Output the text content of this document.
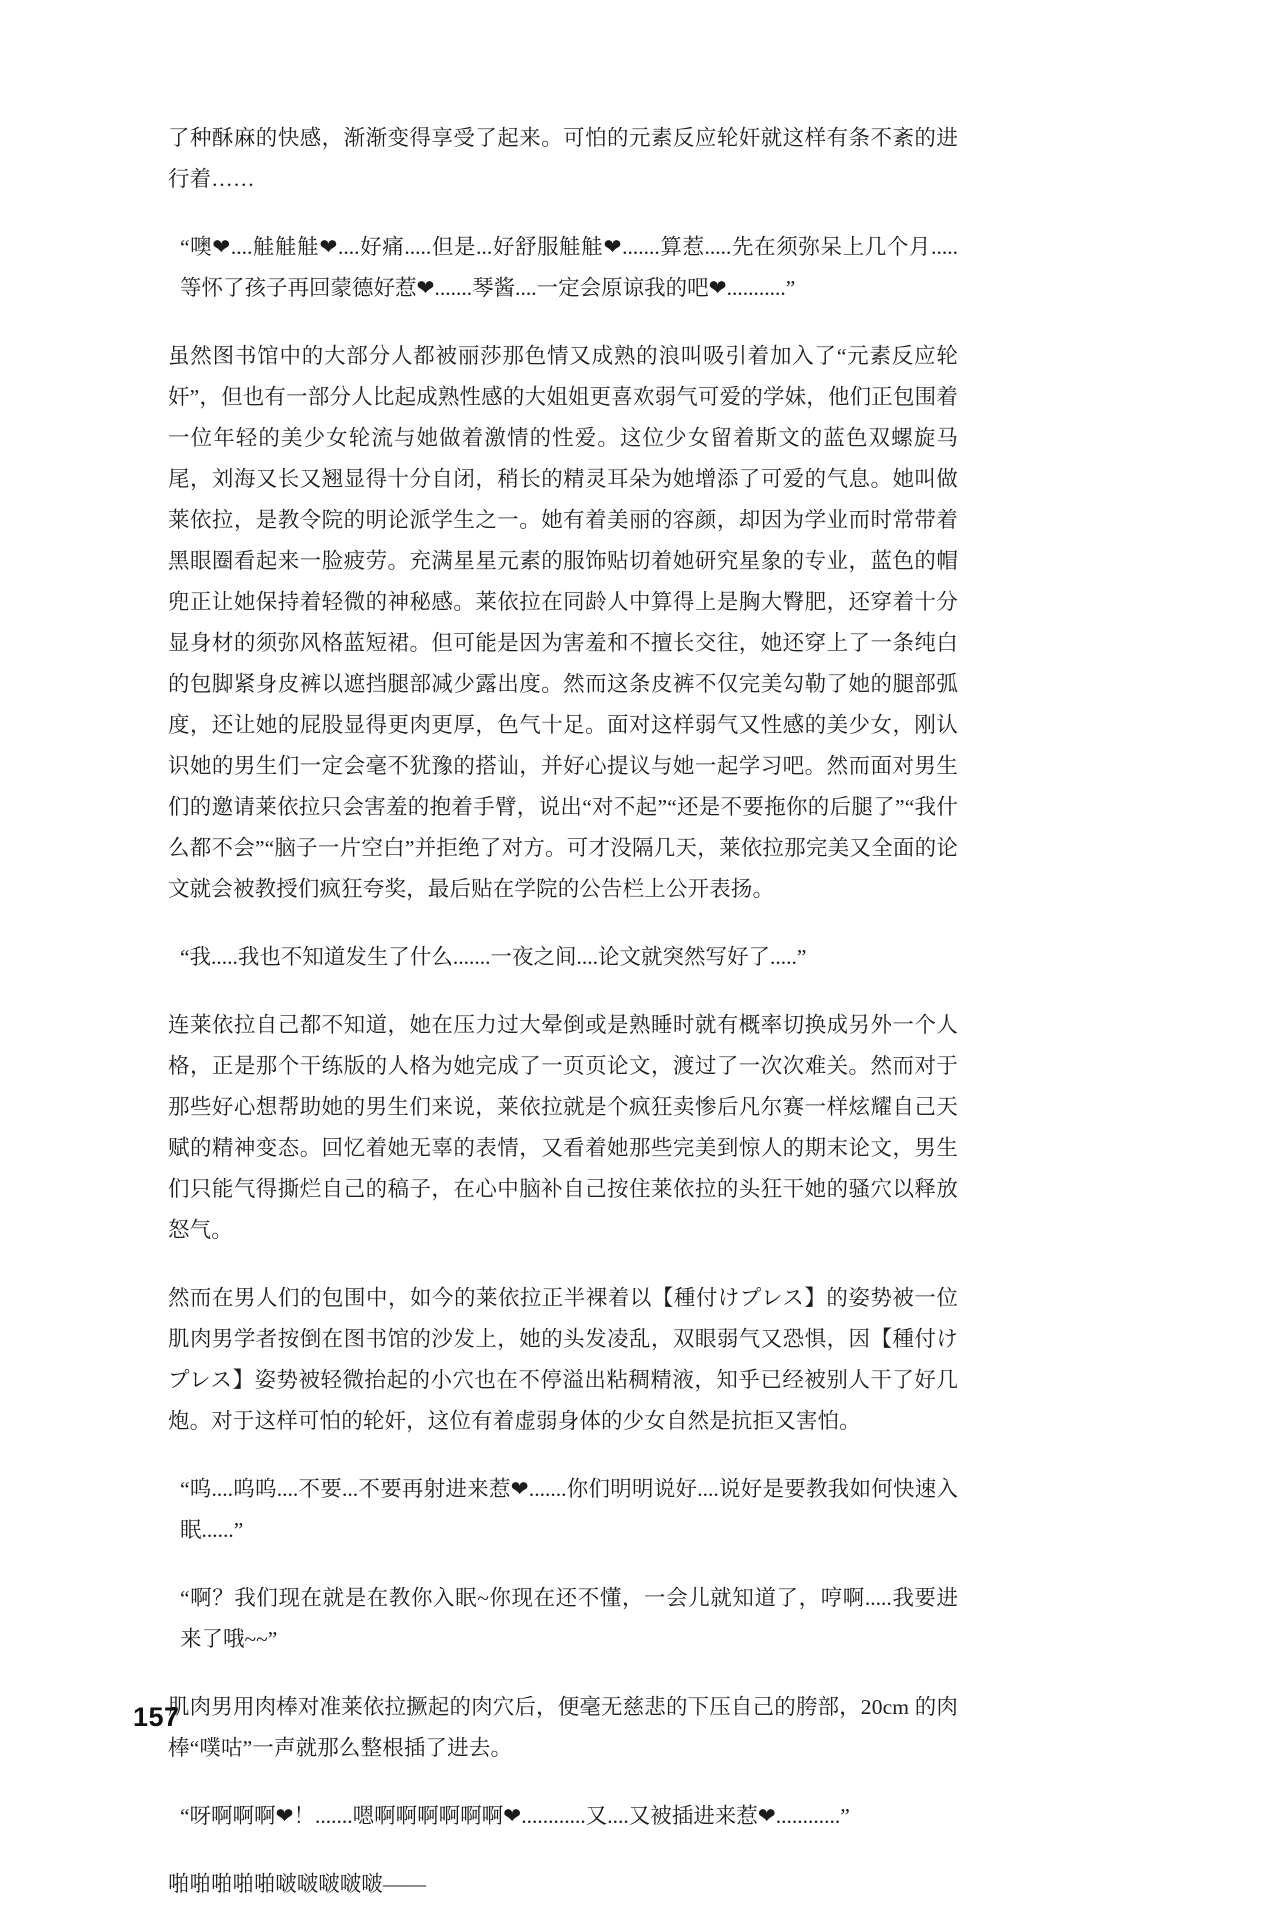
了种酥麻的快感，渐渐变得享受了起来。可怕的元素反应轮奸就这样有条不紊的进行着……

“噢❤....觟觟觟❤....好痛.....但是...好舒服觟觟❤.......算惹.....先在须弥呆上几个月.....等怀了孩子再回蒙德好惹❤.......琴酱....一定会原谅我的吧❤...........”

虽然图书馆中的大部分人都被丽莎那色情又成熟的浪叫吸引着加入了“元素反应轮奸”，但也有一部分人比起成熟性感的大姐姐更喜欢弱气可爱的学妹，他们正包围着一位年轻的美少女轮流与她做着激情的性爱。这位少女留着斯文的蓝色双螺旋马尾，刘海又长又翘显得十分自闭，稍长的精灵耳朵为她增添了可爱的气息。她叫做莱依拉，是教令院的明论派学生之一。她有着美丽的容颜，却因为学业而时常带着黑眼圈看起来一脸疲劳。充满星星元素的服饰贴切着她研究星象的专业，蓝色的帽兜正让她保持着轻微的神秘感。莱依拉在同龄人中算得上是胸大臀肥，还穿着十分显身材的须弥风格蓝短裙。但可能是因为害羞和不擅长交往，她还穿上了一条纯白的包脚紧身皮裤以遮挡腿部减少露出度。然而这条皮裤不仅完美勾勒了她的腿部弧度，还让她的屁股显得更肉更厚，色气十足。面对这样弱气又性感的美少女，刚认识她的男生们一定会毫不犹豫的搭讪，并好心提议与她一起学习吧。然而面对男生们的邀请莱依拉只会害羞的抱着手臂，说出“对不起”“还是不要拖你的后腿了”“我什么都不会”“脑子一片空白”并拒绝了对方。可才没隔几天，莱依拉那完美又全面的论文就会被教授们疯狂夸奖，最后贴在学院的公告栏上公开表扬。

“我.....我也不知道发生了什么.......一夜之间....论文就突然写好了.....”

连莱依拉自己都不知道，她在压力过大晕倒或是熟睡时就有概率切换成另外一个人格，正是那个干练版的人格为她完成了一页页论文，渡过了一次次难关。然而对于那些好心想帮助她的男生们来说，莱依拉就是个疯狂卖惨后凡尔赛一样炫耀自己天赋的精神变态。回忆着她无辜的表情，又看着她那些完美到惊人的期末论文，男生们只能气得撕烂自己的稿子，在心中脑补自己按住莱依拉的头狂干她的骚穴以释放怒气。

然而在男人们的包围中，如今的莱依拉正半裸着以【種付けプレス】的姿势被一位肌肉男学者按倒在图书馆的沙发上，她的头发凌乱，双眼弱气又恐惧，因【種付けプレス】姿势被轻微抬起的小穴也在不停溢出粘稠精液，知乎已经被别人干了好几炮。对于这样可怕的轮奸，这位有着虚弱身体的少女自然是抗拒又害怕。

“呜....呜呜....不要...不要再射进来惹❤.......你们明明说好....说好是要教我如何快速入眠......”

“啊？我们现在就是在教你入眠~你现在还不懂，一会儿就知道了，哼啊.....我要进来了哦~~”

肌肉男用肉棒对准莱依拉撅起的肉穴后，便毫无慈悲的下压自己的胯部，20cm 的肉棒“噗咕”一声就那么整根插了进去。

“呀啊啊啊❤！.......嗯啊啊啊啊啊啊❤............又....又被插进来惹❤............”

啪啪啪啪啪啵啵啵啵啵——

157
